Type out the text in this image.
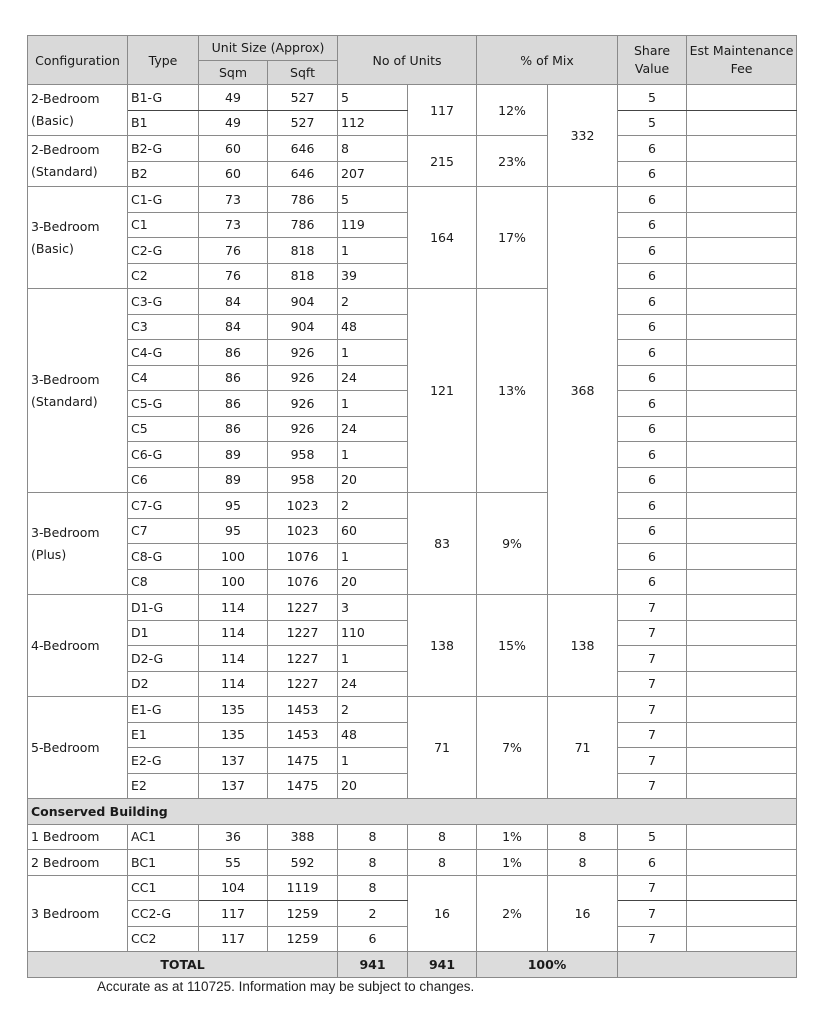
Configuration	Type	Unit Size (Approx)		No of Units		% of Mix		Share Value	Est Maintenance Fee
		Sqm	Sqft						
2-Bedroom
(Basic)	B1-G	49	527	5	117	12%	332	5	
	B1	49	527	112				5	
2-Bedroom
(Standard)	B2-G	60	646	8	215	23%		6	
	B2	60	646	207				6	
3-Bedroom
(Basic)	C1-G	73	786	5	164	17%	368	6	
	C1	73	786	119				6	
	C2-G	76	818	1				6	
	C2	76	818	39				6	
3-Bedroom
(Standard)	C3-G	84	904	2	121	13%		6	
	C3	84	904	48				6	
	C4-G	86	926	1				6	
	C4	86	926	24				6	
	C5-G	86	926	1				6	
	C5	86	926	24				6	
	C6-G	89	958	1				6	
	C6	89	958	20				6	
3-Bedroom
(Plus)	C7-G	95	1023	2	83	9%		6	
	C7	95	1023	60				6	
	C8-G	100	1076	1				6	
	C8	100	1076	20				6	
4-Bedroom	D1-G	114	1227	3	138	15%	138	7	
	D1	114	1227	110				7	
	D2-G	114	1227	1				7	
	D2	114	1227	24				7	
5-Bedroom	E1-G	135	1453	2	71	7%	71	7	
	E1	135	1453	48				7	
	E2-G	137	1475	1				7	
	E2	137	1475	20				7	
Conserved Building									
1 Bedroom	AC1	36	388	8	8	1%	8	5	
2 Bedroom	BC1	55	592	8	8	1%	8	6	
3 Bedroom	CC1	104	1119	8	16	2%	16	7	
	CC2-G	117	1259	2				7	
	CC2	117	1259	6				7	
TOTAL				941	941	100%			
Accurate as at 110725. Information may be subject to changes.
